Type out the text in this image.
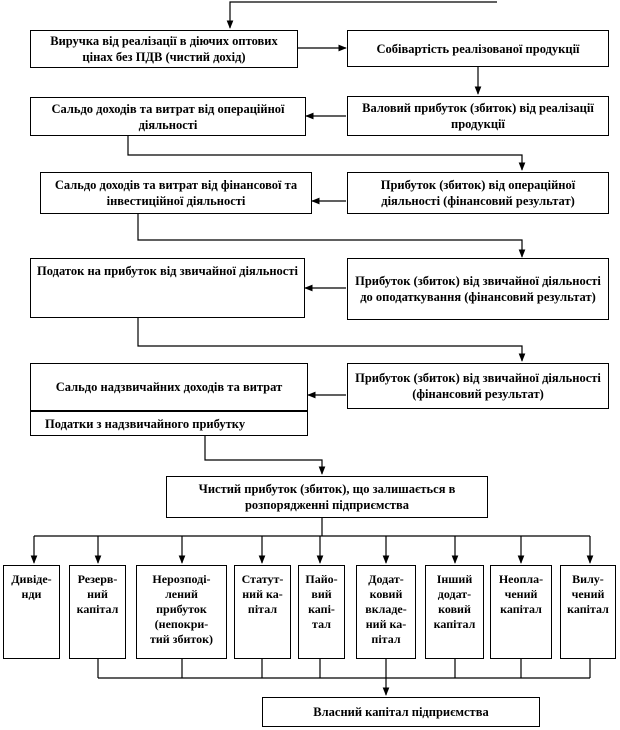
Виручка від реалізації в діючих оптових цінах без ПДВ (чистий дохід)
Собівартість реалізованої продукції
Сальдо доходів та витрат від операційної діяльності
Валовий прибуток (збиток) від реалізації продукції
Сальдо доходів та витрат від фінансової та інвестиційної діяльності
Прибуток (збиток) від операційної діяльності (фінансовий результат)
Податок на прибуток від звичайної діяльності
Прибуток (збиток) від звичайної діяльності до оподаткування (фінансовий результат)
Сальдо надзвичайних доходів та витрат
Податки з надзвичайного прибутку
Прибуток (збиток) від звичайної діяльності (фінансовий результат)
Чистий прибуток (збиток), що залишається в розпорядженні підприємства
Дивіде-
нди
Резерв-
ний
капітал
Нерозподі-
лений
прибуток
(непокри-
тий збиток)
Статут-
ний ка-
пітал
Пайо-
вий
капі-
тал
Додат-
ковий
вкладе-
ний ка-
пітал
Інший
додат-
ковий
капітал
Неопла-
чений
капітал
Вилу-
чений
капітал
Власний капітал підприємства
